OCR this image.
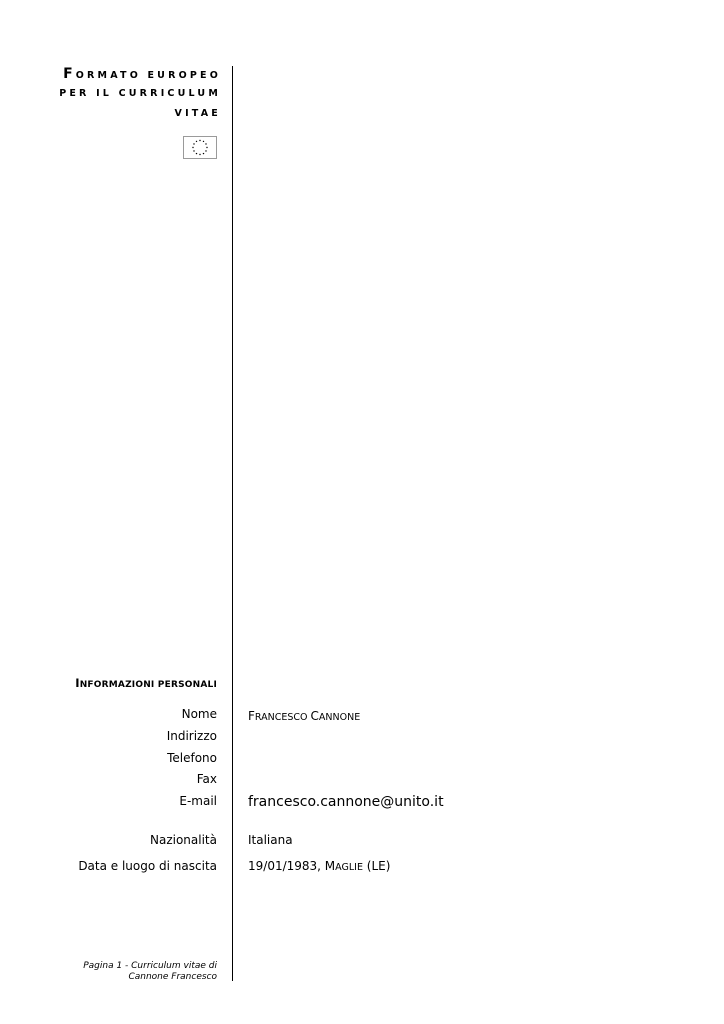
FORMATO EUROPEO
PER IL CURRICULUM
VITAE
INFORMAZIONI PERSONALI
Nome	FRANCESCO CANNONE
Indirizzo
Telefono
Fax
E-mail francesco.cannone@unito.it
Nazionalità	Italiana
Data e luogo di nascita	19/01/1983, MAGLIE (LE)
Pagina 1 - Curriculum vitae di
Cannone Francesco
